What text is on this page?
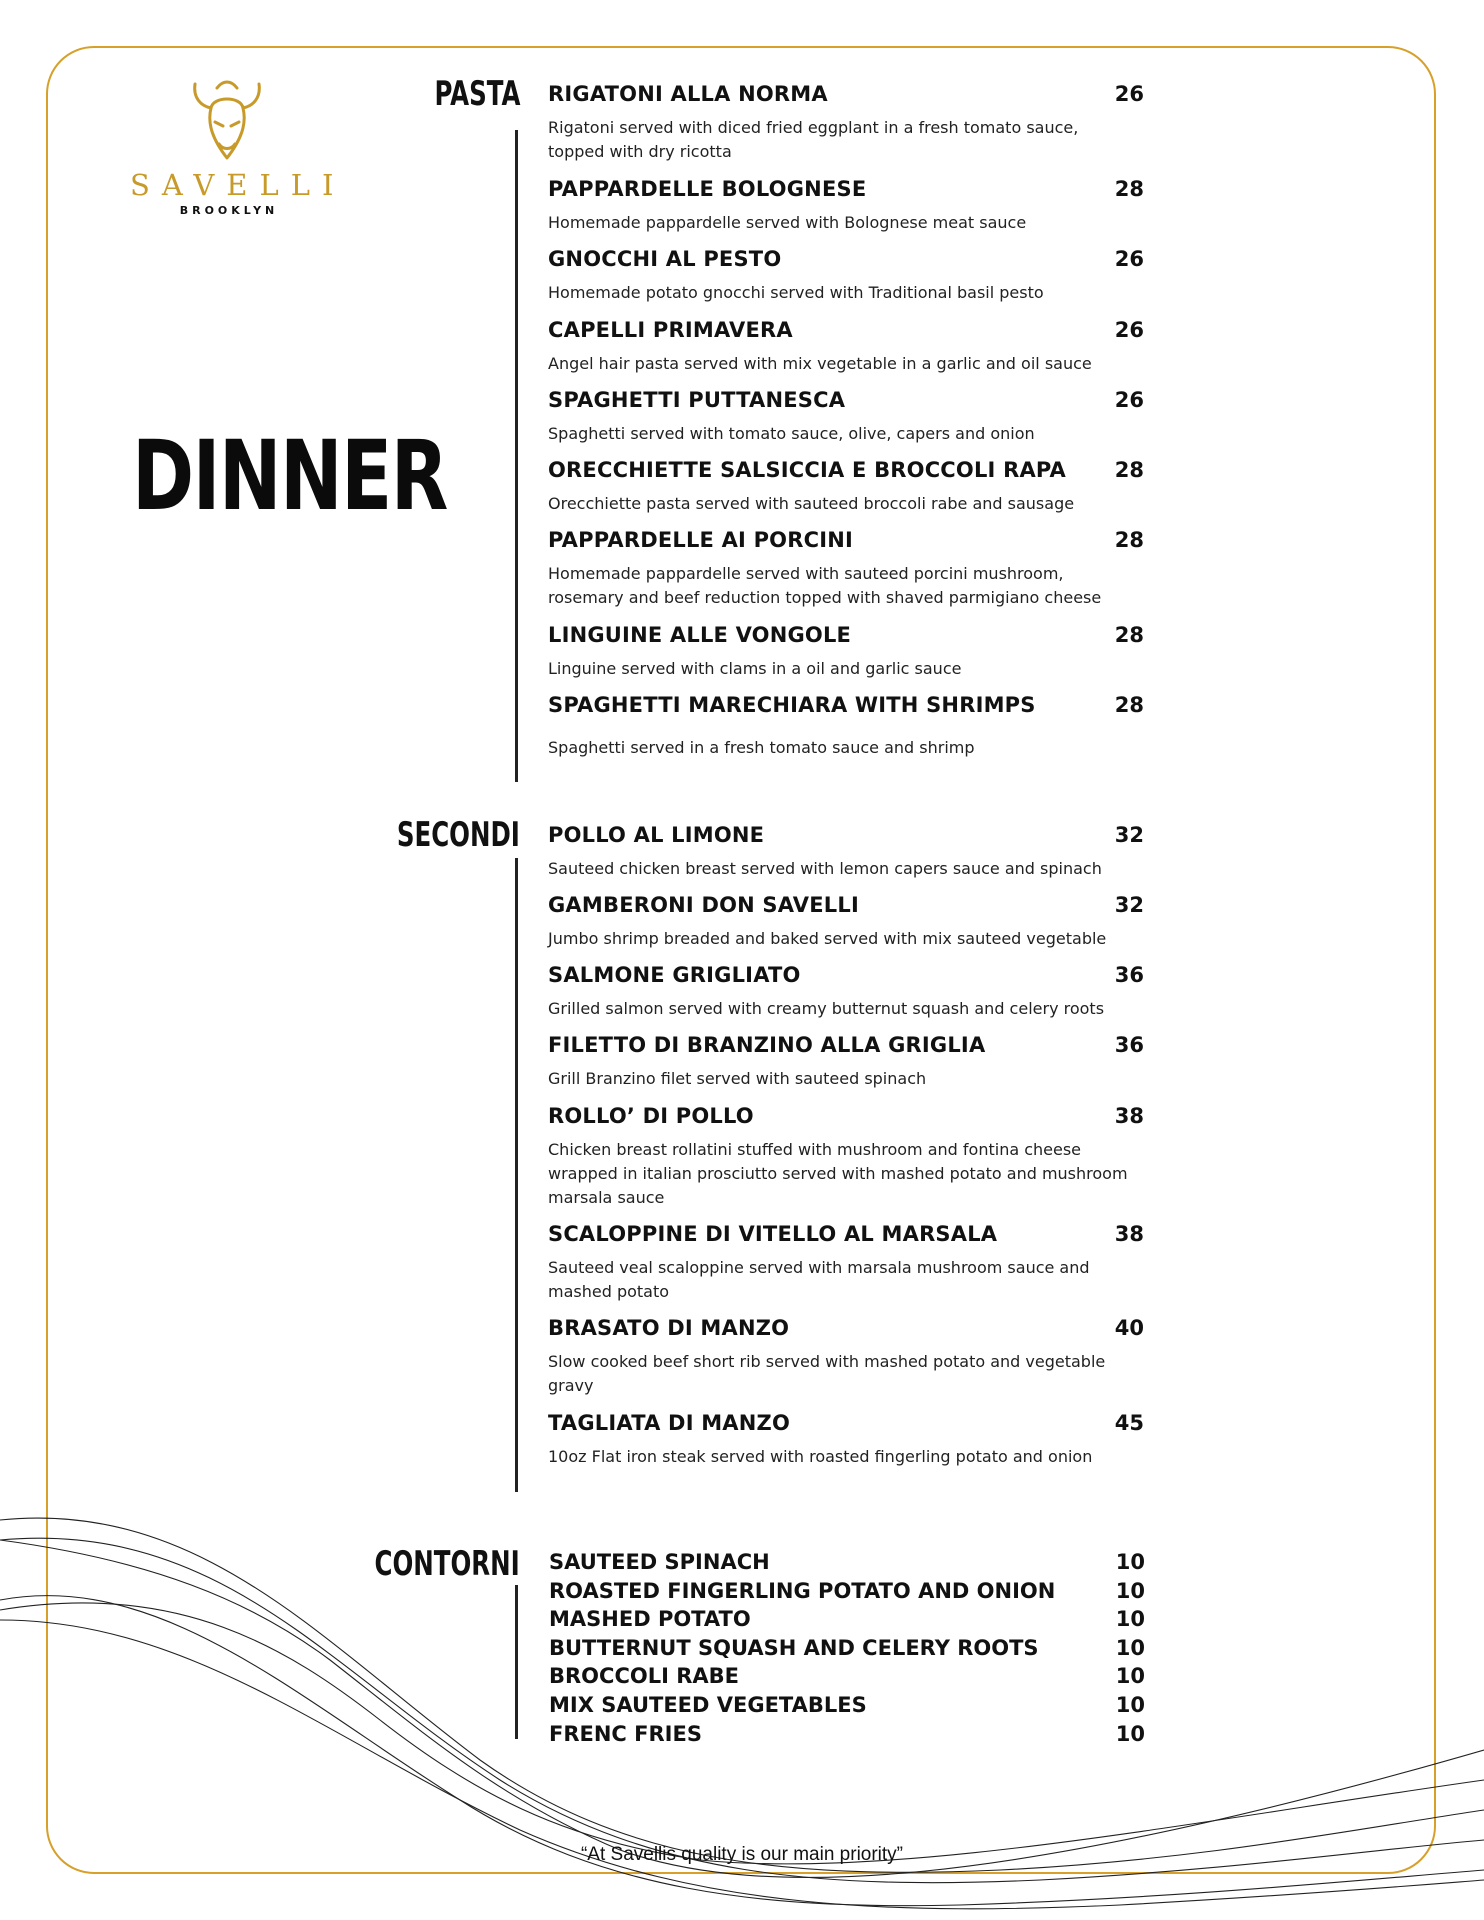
SAVELLI
BROOKLYN
DINNER
PASTA RIGATONI ALLA NORMA	26
Rigatoni served with diced fried eggplant in a fresh tomato sauce, topped with dry ricotta
PAPPARDELLE BOLOGNESE	28
Homemade pappardelle served with Bolognese meat sauce
GNOCCHI AL PESTO	26
Homemade potato gnocchi served with Traditional basil pesto
CAPELLI PRIMAVERA	26
Angel hair pasta served with mix vegetable in a garlic and oil sauce
SPAGHETTI PUTTANESCA	26
Spaghetti served with tomato sauce, olive, capers and onion
ORECCHIETTE SALSICCIA E BROCCOLI RAPA	28
Orecchiette pasta served with sauteed broccoli rabe and sausage
PAPPARDELLE AI PORCINI	28
Homemade pappardelle served with sauteed porcini mushroom, rosemary and beef reduction topped with shaved parmigiano cheese
LINGUINE ALLE VONGOLE	28
Linguine served with clams in a oil and garlic sauce
SPAGHETTI MARECHIARA WITH SHRIMPS	28
Spaghetti served in a fresh tomato sauce and shrimp
SECONDI POLLO AL LIMONE	32
Sauteed chicken breast served with lemon capers sauce and spinach
GAMBERONI DON SAVELLI	32
Jumbo shrimp breaded and baked served with mix sauteed vegetable
SALMONE GRIGLIATO	36
Grilled salmon served with creamy butternut squash and celery roots
FILETTO DI BRANZINO ALLA GRIGLIA	36
Grill Branzino filet served with sauteed spinach
ROLLO’ DI POLLO	38
Chicken breast rollatini stuffed with mushroom and fontina cheese wrapped in italian prosciutto served with mashed potato and mushroom marsala sauce
SCALOPPINE DI VITELLO AL MARSALA	38
Sauteed veal scaloppine served with marsala mushroom sauce and mashed potato
BRASATO DI MANZO	40
Slow cooked beef short rib served with mashed potato and vegetable gravy
TAGLIATA DI MANZO	45
10oz Flat iron steak served with roasted fingerling potato and onion
CONTORNI SAUTEED SPINACH	10
ROASTED FINGERLING POTATO AND ONION	10
MASHED POTATO	10
BUTTERNUT SQUASH AND CELERY ROOTS	10
BROCCOLI RABE	10
MIX SAUTEED VEGETABLES	10
FRENC FRIES	10
“At Savellis quality is our main priority”
